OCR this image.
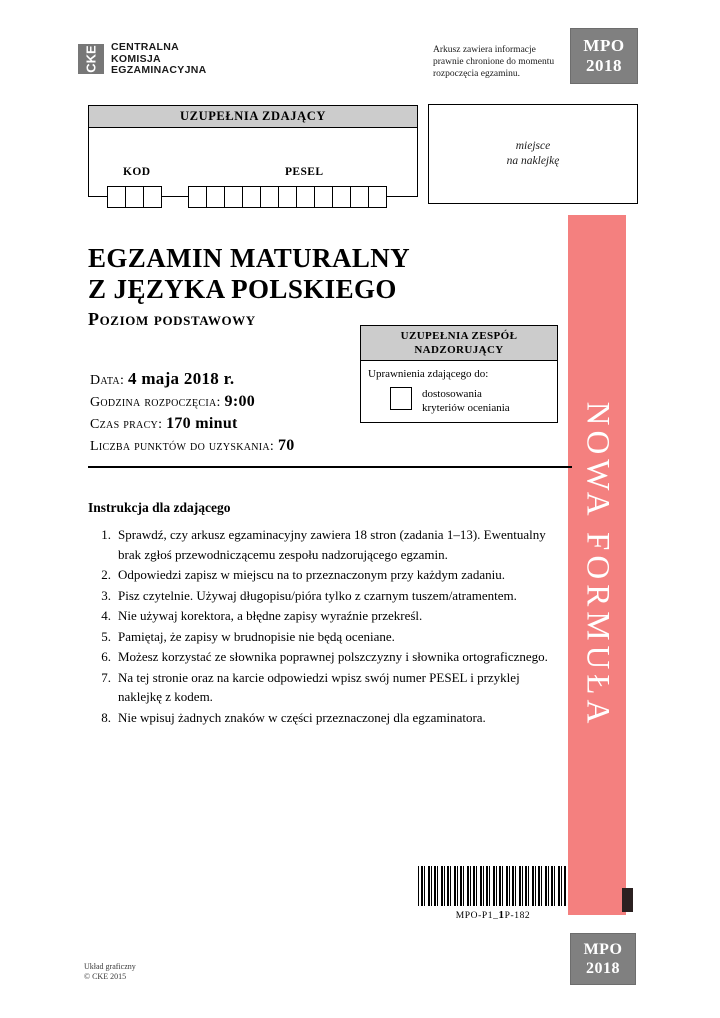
CKE CENTRALNA
KOMISJA
EGZAMINACYJNA
Arkusz zawiera informacje prawnie chronione do momentu rozpoczęcia egzaminu.
MPO
2018
UZUPEŁNIA ZDAJĄCY
KOD	PESEL
miejsce
na naklejkę
NOWA FORMUŁA
EGZAMIN MATURALNY
Z JĘZYKA POLSKIEGO
Poziom podstawowy
Data: 4 maja 2018 r.
Godzina rozpoczęcia: 9:00
Czas pracy: 170 minut
Liczba punktów do uzyskania: 70
UZUPEŁNIA ZESPÓŁ
NADZORUJĄCY
Uprawnienia zdającego do:
dostosowania
kryteriów oceniania
Instrukcja dla zdającego
1. Sprawdź, czy arkusz egzaminacyjny zawiera 18 stron (zadania 1–13). Ewentualny brak zgłoś przewodniczącemu zespołu nadzorującego egzamin.
2. Odpowiedzi zapisz w miejscu na to przeznaczonym przy każdym zadaniu.
3. Pisz czytelnie. Używaj długopisu/pióra tylko z czarnym tuszem/atramentem.
4. Nie używaj korektora, a błędne zapisy wyraźnie przekreśl.
5. Pamiętaj, że zapisy w brudnopisie nie będą oceniane.
6. Możesz korzystać ze słownika poprawnej polszczyzny i słownika ortograficznego.
7. Na tej stronie oraz na karcie odpowiedzi wpisz swój numer PESEL i przyklej naklejkę z kodem.
8. Nie wpisuj żadnych znaków w części przeznaczonej dla egzaminatora.
MPO-P1_1P-182
MPO
2018
Układ graficzny
© CKE 2015
